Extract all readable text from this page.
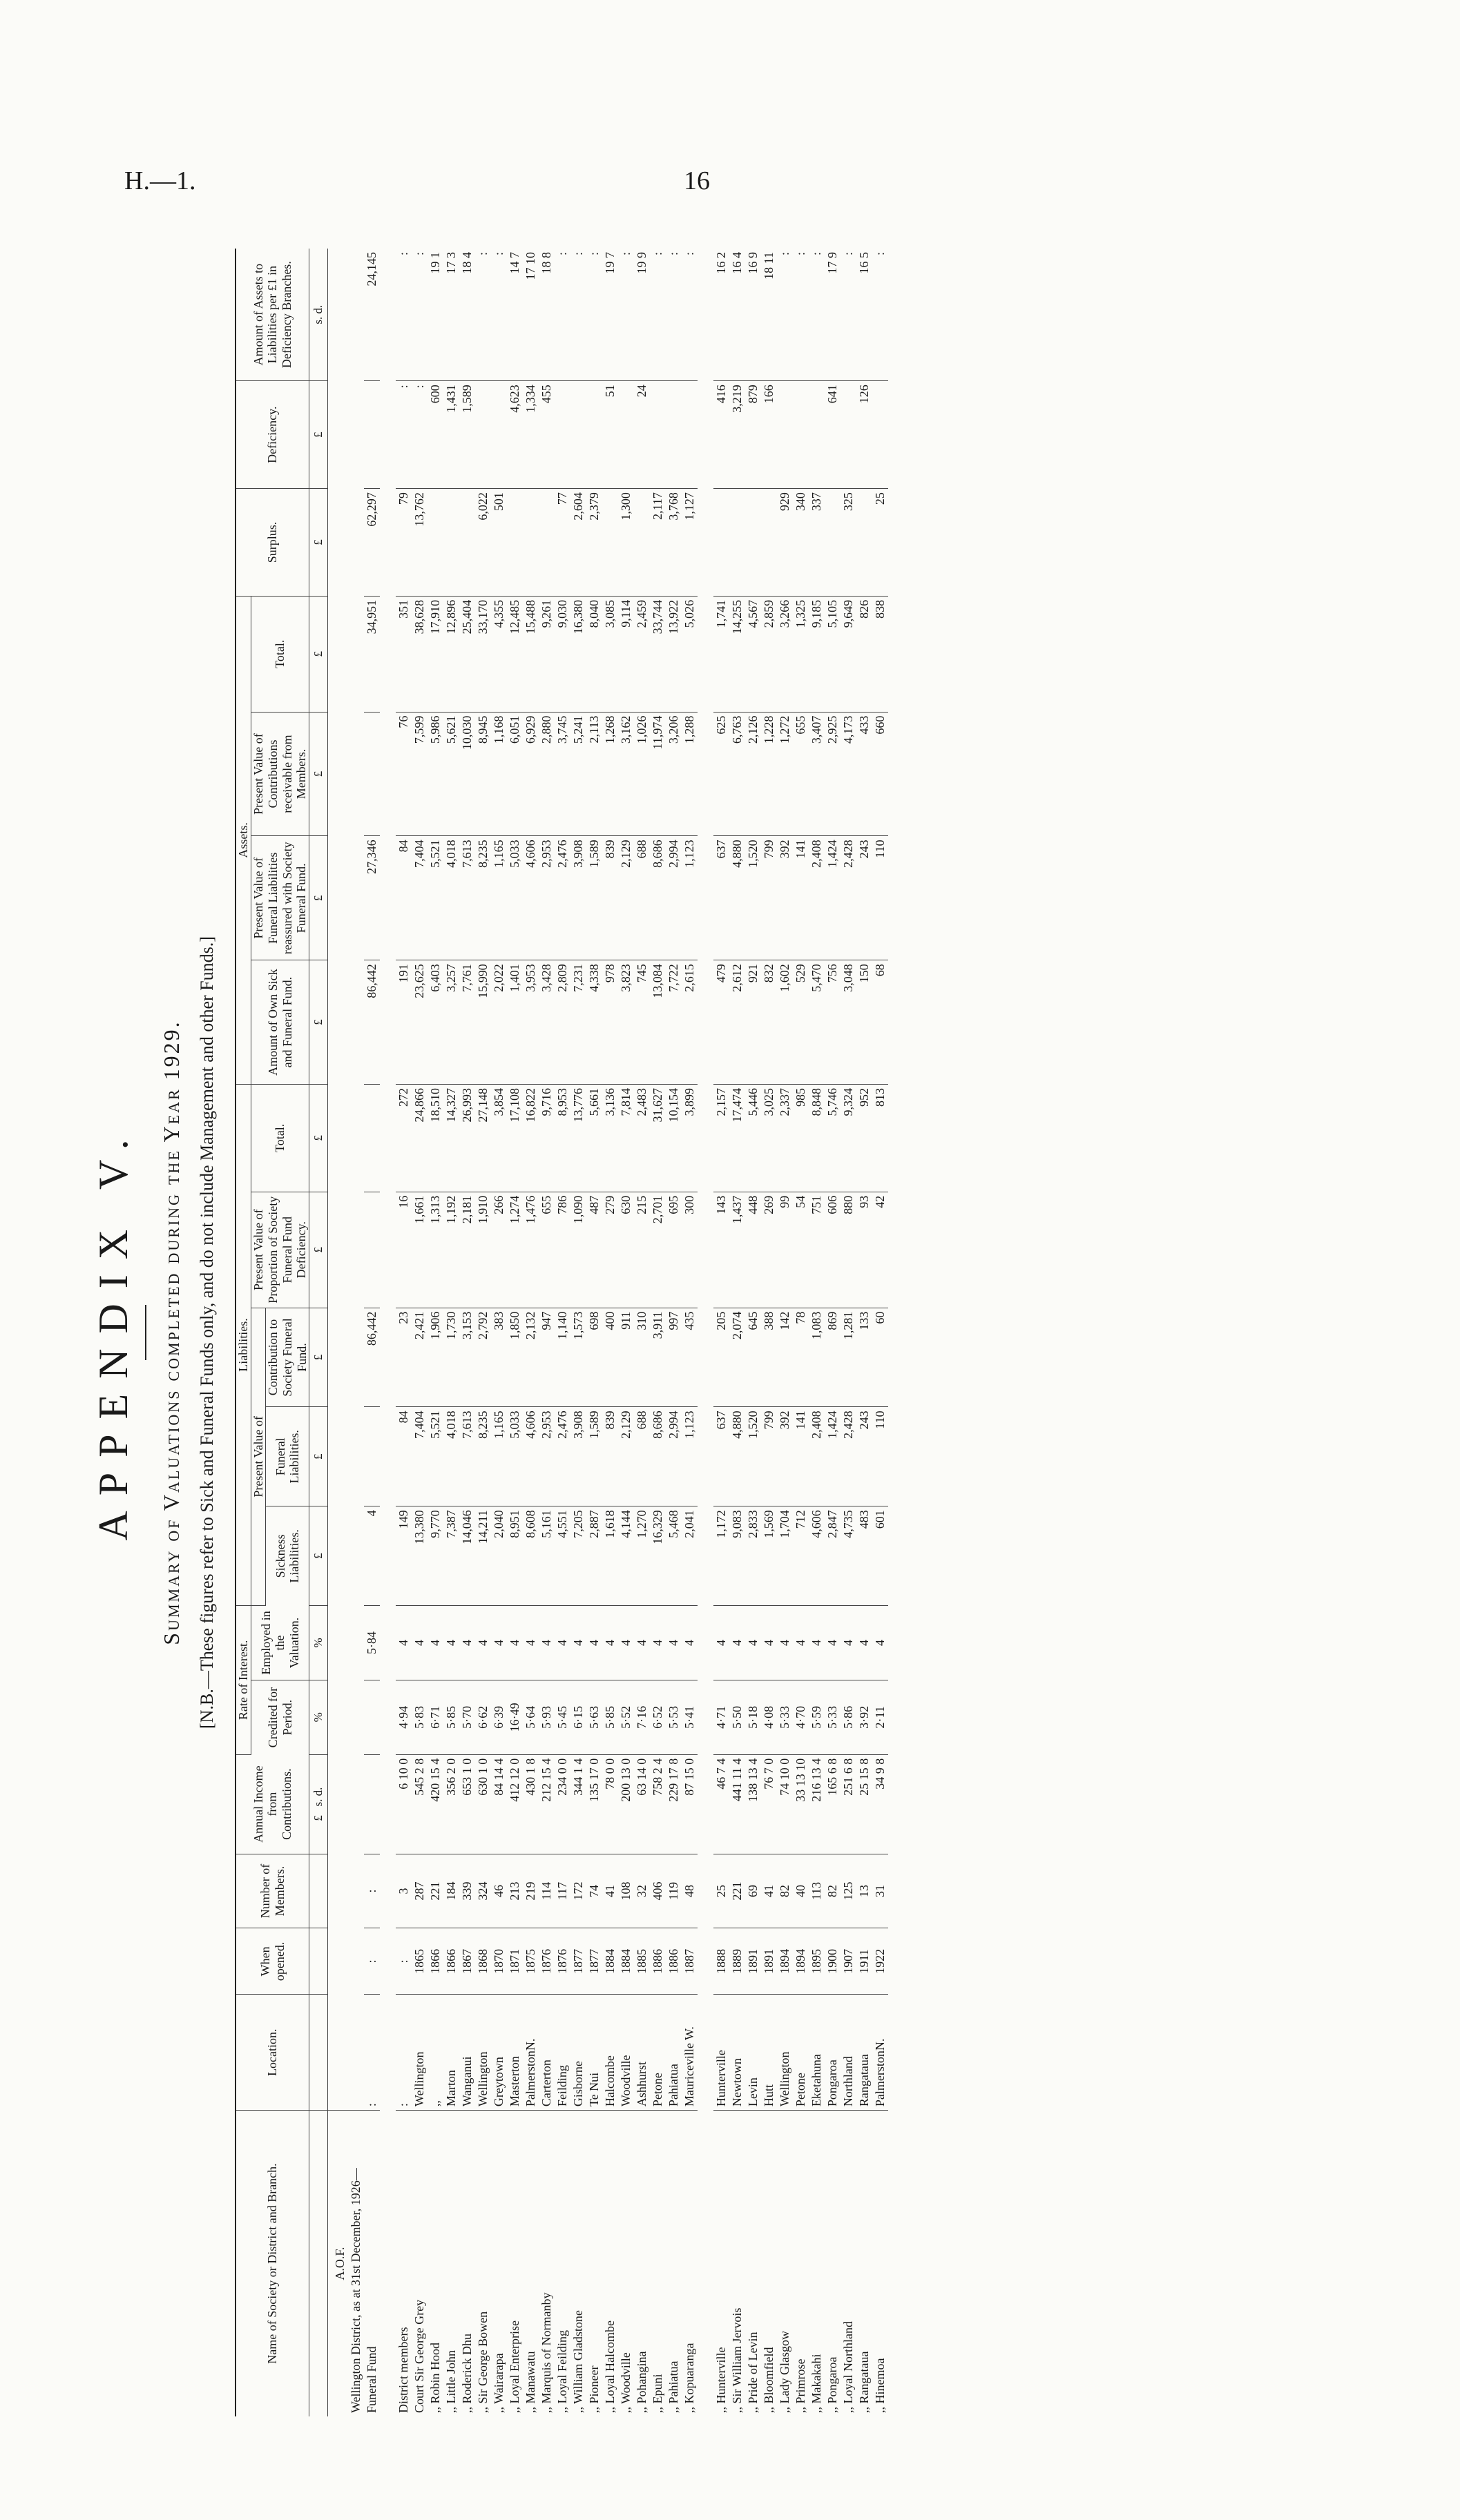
H.—1.	16
APPENDIX V. Summary of Valuations completed during the Year 1929. [N.B.—These figures refer to Sick and Funeral Funds only, and do not include Management and other Funds.]
Name of Society or District and Branch.	Location.	When opened.	Number of Members.	Annual Income from Contributions.	Rate of Interest.		Liabilities.					Assets.				Surplus.	Deficiency.	Amount of Assets to Liabilities per £1 in Deficiency Branches.
					Credited for Period.	Employed in the Valuation.	Present Value of			Present Value of Proportion of Society Funeral Fund Deficiency.	Total.	Amount of Own Sick and Funeral Fund.	Present Value of Funeral Liabilities reassured with Society Funeral Fund.	Present Value of Contributions receivable from Members.	Total.			
							Sickness Liabilities.	Funeral Liabilities.	Contribution to Society Funeral Fund.									
				£   s. d.	%	%	£	£	£	£	£	£	£	£	£	£	£	s. d.
A.O.F.																		
Wellington District, as at 31st December, 1926—																		
Funeral Fund	:	:	:			5·84	4		86,442			86,442	27,346		34,951	62,297		24,145

District members	:	:	3	6 10 0	4·94	4	149	84	23	16	272	191	84	76	351	79	:	:
Court Sir George Grey	Wellington	1865	287	545 2 8	5·83	4	13,380	7,404	2,421	1,661	24,866	23,625	7,404	7,599	38,628	13,762	:	:
,, Robin Hood	,,	1866	221	420 15 4	6·71	4	9,770	5,521	1,906	1,313	18,510	6,403	5,521	5,986	17,910		600	19 1
,, Little John	Marton	1866	184	356 2 0	5·85	4	7,387	4,018	1,730	1,192	14,327	3,257	4,018	5,621	12,896		1,431	17 3
,, Roderick Dhu	Wanganui	1867	339	653 1 0	5·70	4	14,046	7,613	3,153	2,181	26,993	7,761	7,613	10,030	25,404		1,589	18 4
,, Sir George Bowen	Wellington	1868	324	630 1 0	6·62	4	14,211	8,235	2,792	1,910	27,148	15,990	8,235	8,945	33,170	6,022		:
,, Wairarapa	Greytown	1870	46	84 14 4	6·39	4	2,040	1,165	383	266	3,854	2,022	1,165	1,168	4,355	501		:
,, Loyal Enterprise	Masterton	1871	213	412 12 0	16·49	4	8,951	5,033	1,850	1,274	17,108	1,401	5,033	6,051	12,485		4,623	14 7
,, Manawatu	PalmerstonN.	1875	219	430 1 8	5·64	4	8,608	4,606	2,132	1,476	16,822	3,953	4,606	6,929	15,488		1,334	17 10
,, Marquis of Normanby	Carterton	1876	114	212 15 4	5·93	4	5,161	2,953	947	655	9,716	3,428	2,953	2,880	9,261		455	18 8
,, Loyal Feilding	Feilding	1876	117	234 0 0	5·45	4	4,551	2,476	1,140	786	8,953	2,809	2,476	3,745	9,030	77		:
,, William Gladstone	Gisborne	1877	172	344 1 4	6·15	4	7,205	3,908	1,573	1,090	13,776	7,231	3,908	5,241	16,380	2,604		:
,, Pioneer	Te Nui	1877	74	135 17 0	5·63	4	2,887	1,589	698	487	5,661	4,338	1,589	2,113	8,040	2,379		:
,, Loyal Halcombe	Halcombe	1884	41	78 0 0	5·85	4	1,618	839	400	279	3,136	978	839	1,268	3,085		51	19 7
,, Woodville	Woodville	1884	108	200 13 0	5·52	4	4,144	2,129	911	630	7,814	3,823	2,129	3,162	9,114	1,300		:
,, Pohangina	Ashhurst	1885	32	63 14 0	7·16	4	1,270	688	310	215	2,483	745	688	1,026	2,459		24	19 9
,, Epuni	Petone	1886	406	758 2 4	6·52	4	16,329	8,686	3,911	2,701	31,627	13,084	8,686	11,974	33,744	2,117		:
,, Pahiatua	Pahiatua	1886	119	229 17 8	5·53	4	5,468	2,994	997	695	10,154	7,722	2,994	3,206	13,922	3,768		:
,, Kopuaranga	Mauriceville W.	1887	48	87 15 0	5·41	4	2,041	1,123	435	300	3,899	2,615	1,123	1,288	5,026	1,127		:

,, Hunterville	Hunterville	1888	25	46 7 4	4·71	4	1,172	637	205	143	2,157	479	637	625	1,741		416	16 2
,, Sir William Jervois	Newtown	1889	221	441 11 4	5·50	4	9,083	4,880	2,074	1,437	17,474	2,612	4,880	6,763	14,255		3,219	16 4
,, Pride of Levin	Levin	1891	69	138 13 4	5·18	4	2,833	1,520	645	448	5,446	921	1,520	2,126	4,567		879	16 9
,, Bloomfield	Hutt	1891	41	76 7 0	4·08	4	1,569	799	388	269	3,025	832	799	1,228	2,859		166	18 11
,, Lady Glasgow	Wellington	1894	82	74 10 0	5·33	4	1,704	392	142	99	2,337	1,602	392	1,272	3,266	929		:
,, Primrose	Petone	1894	40	33 13 10	4·70	4	712	141	78	54	985	529	141	655	1,325	340		:
,, Makakahi	Eketahuna	1895	113	216 13 4	5·59	4	4,606	2,408	1,083	751	8,848	5,470	2,408	3,407	9,185	337		:
,, Pongaroa	Pongaroa	1900	82	165 6 8	5·33	4	2,847	1,424	869	606	5,746	756	1,424	2,925	5,105		641	17 9
,, Loyal Northland	Northland	1907	125	251 6 8	5·86	4	4,735	2,428	1,281	880	9,324	3,048	2,428	4,173	9,649	325		:
,, Rangataua	Rangataua	1911	13	25 15 8	3·92	4	483	243	133	93	952	150	243	433	826		126	16 5
,, Hinemoa	PalmerstonN.	1922	31	34 9 8	2·11	4	601	110	60	42	813	68	110	660	838	25		:
